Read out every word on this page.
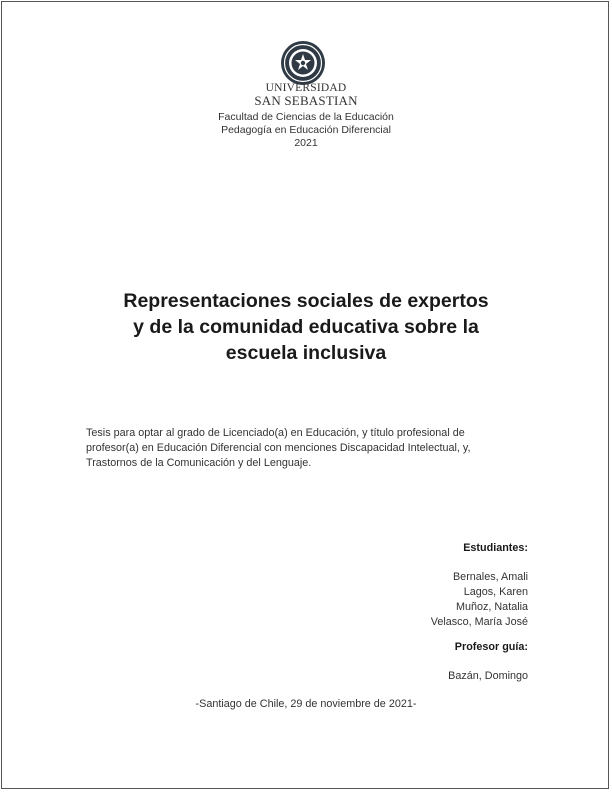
UNIVERSIDAD
SAN SEBASTIAN
Facultad de Ciencias de la Educación
Pedagogía en Educación Diferencial
2021
Representaciones sociales de expertos
y de la comunidad educativa sobre la
escuela inclusiva
Tesis para optar al grado de Licenciado(a) en Educación, y título profesional de
profesor(a) en Educación Diferencial con menciones Discapacidad Intelectual, y,
Trastornos de la Comunicación y del Lenguaje.
Estudiantes:
Bernales, Amali
Lagos, Karen
Muñoz, Natalia
Velasco, María José
Profesor guía:
Bazán, Domingo
-Santiago de Chile, 29 de noviembre de 2021-
